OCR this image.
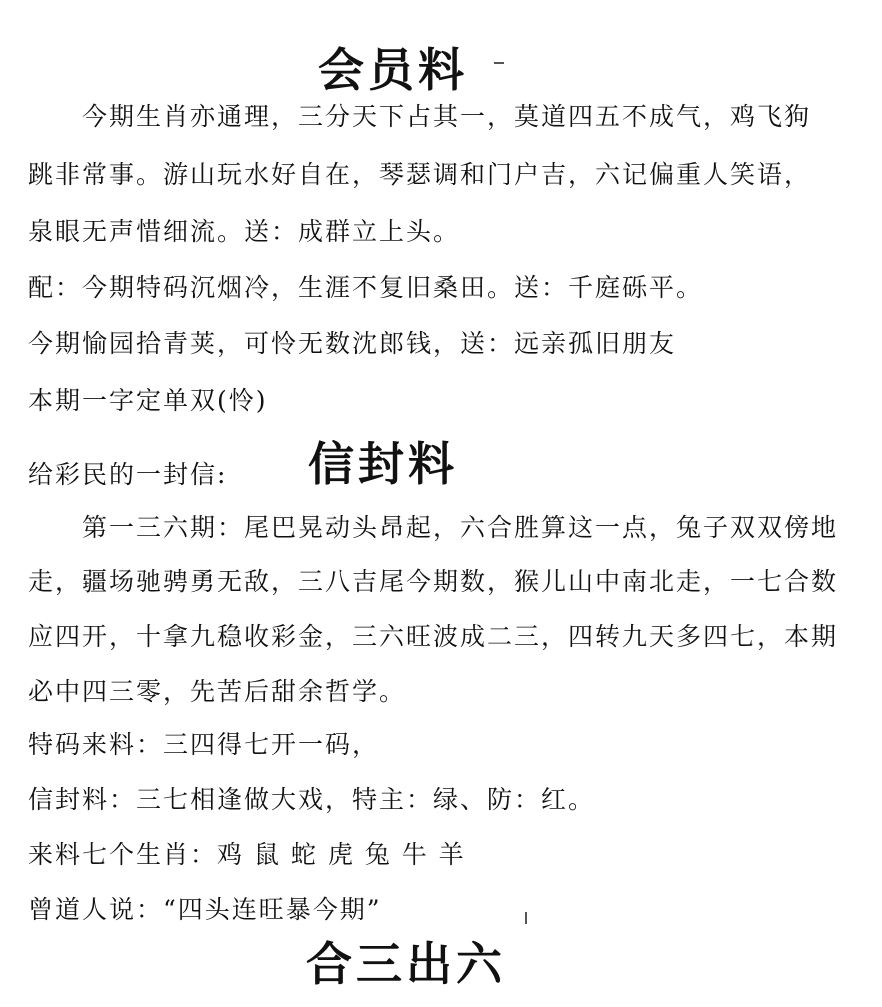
会员料
今期生肖亦通理，三分天下占其一，莫道四五不成气，鸡飞狗
跳非常事。游山玩水好自在，琴瑟调和门户吉，六记偏重人笑语，
泉眼无声惜细流。送：成群立上头。
配：今期特码沉烟冷，生涯不复旧桑田。送：千庭砾平。
今期愉园拾青荚，可怜无数沈郎钱，送：远亲孤旧朋友
本期一字定单双(怜)
给彩民的一封信: 信封料
第一三六期：尾巴晃动头昂起，六合胜算这一点，兔子双双傍地
走，疆场驰骋勇无敌，三八吉尾今期数，猴儿山中南北走，一七合数
应四开，十拿九稳收彩金，三六旺波成二三，四转九天多四七，本期
必中四三零，先苦后甜余哲学。
特码来料：三四得七开一码，
信封料：三七相逢做大戏，特主：绿、防：红。
来料七个生肖：鸡 鼠 蛇 虎 兔 牛 羊
曾道人说：“四头连旺暴今期”
合三出六
